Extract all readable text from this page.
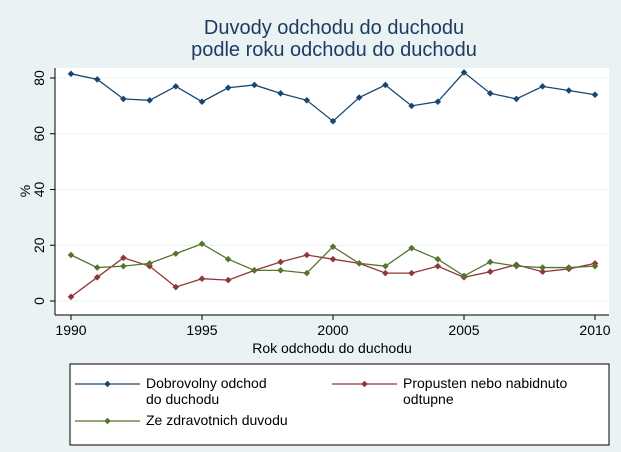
Duvody odchodu do duchodu
podle roku odchodu do duchodu
0
20
40
60
80
1990	1995	2000	2005	2010
%
Rok odchodu do duchodu
Dobrovolny odchod
do duchodu
Propusten nebo nabidnuto
odtupne
Ze zdravotnich duvodu
